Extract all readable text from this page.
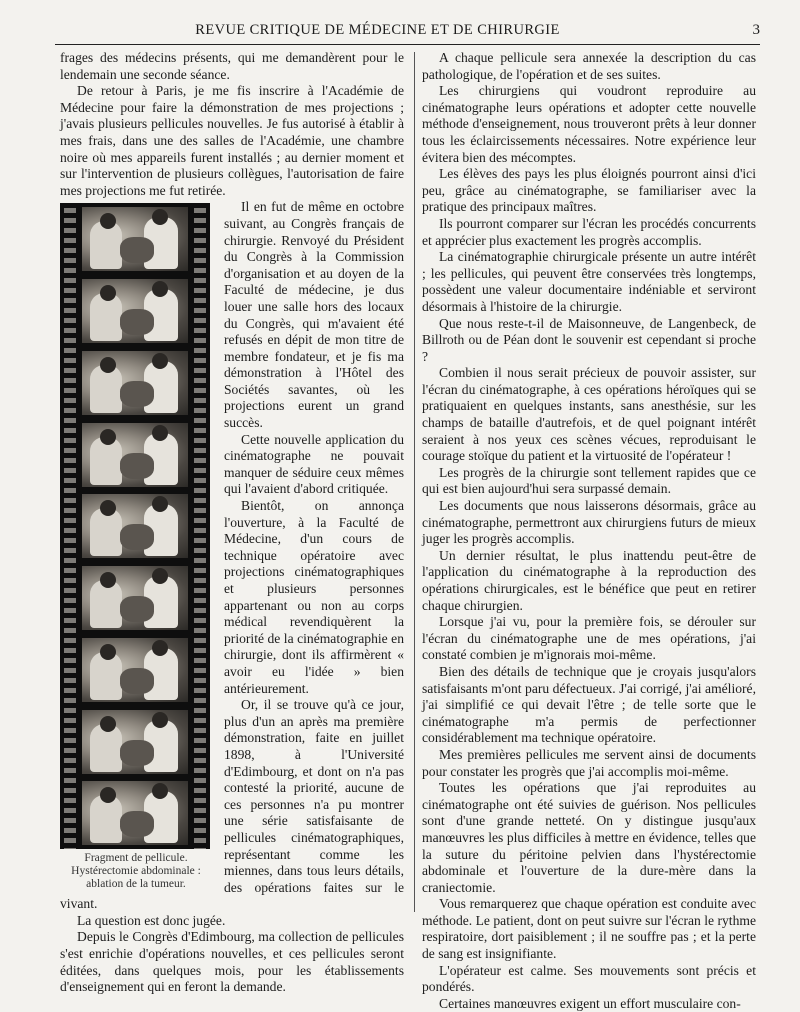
REVUE CRITIQUE DE MÉDECINE ET DE CHIRURGIE	3

frages des médecins présents, qui me demandèrent pour le lendemain une seconde séance.

De retour à Paris, je me fis inscrire à l'Académie de Médecine pour faire la démonstration de mes projections ; j'avais plusieurs pellicules nouvelles. Je fus autorisé à établir à mes frais, dans une des salles de l'Académie, une chambre noire où mes appareils furent installés ; au dernier moment et sur l'intervention de plusieurs collègues, l'autorisation de faire mes projections me fut retirée.

Fragment de pellicule.
Hystérectomie abdominale :
ablation de la tumeur.

Il en fut de même en octobre suivant, au Congrès français de chirurgie. Renvoyé du Président du Congrès à la Commission d'organisation et au doyen de la Faculté de médecine, je dus louer une salle hors des locaux du Congrès, qui m'avaient été refusés en dépit de mon titre de membre fondateur, et je fis ma démonstration à l'Hôtel des Sociétés savantes, où les projections eurent un grand succès.

Cette nouvelle application du cinématographe ne pouvait manquer de séduire ceux mêmes qui l'avaient d'abord critiquée.

Bientôt, on annonça l'ouverture, à la Faculté de Médecine, d'un cours de technique opératoire avec projections cinématographiques et plusieurs personnes appartenant ou non au corps médical revendiquèrent la priorité de la cinématographie en chirurgie, dont ils affirmèrent « avoir eu l'idée » bien antérieurement.

Or, il se trouve qu'à ce jour, plus d'un an après ma première démonstration, faite en juillet 1898, à l'Université d'Edimbourg, et dont on n'a pas contesté la priorité, aucune de ces personnes n'a pu montrer une série satisfaisante de pellicules cinématographiques, représentant comme les miennes, dans tous leurs détails, des opérations faites sur le vivant.

La question est donc jugée.

Depuis le Congrès d'Edimbourg, ma collection de pellicules s'est enrichie d'opérations nouvelles, et ces pellicules seront éditées, dans quelques mois, pour les établissements d'enseignement qui en feront la demande.

A chaque pellicule sera annexée la description du cas pathologique, de l'opération et de ses suites.

Les chirurgiens qui voudront reproduire au cinématographe leurs opérations et adopter cette nouvelle méthode d'enseignement, nous trouveront prêts à leur donner tous les éclaircissements nécessaires. Notre expérience leur évitera bien des mécomptes.

Les élèves des pays les plus éloignés pourront ainsi d'ici peu, grâce au cinématographe, se familiariser avec la pratique des principaux maîtres.

Ils pourront comparer sur l'écran les procédés concurrents et apprécier plus exactement les progrès accomplis.

La cinématographie chirurgicale présente un autre intérêt ; les pellicules, qui peuvent être conservées très longtemps, possèdent une valeur documentaire indéniable et serviront désormais à l'histoire de la chirurgie.

Que nous reste-t-il de Maisonneuve, de Langenbeck, de Billroth ou de Péan dont le souvenir est cependant si proche ?

Combien il nous serait précieux de pouvoir assister, sur l'écran du cinématographe, à ces opérations héroïques qui se pratiquaient en quelques instants, sans anesthésie, sur les champs de bataille d'autrefois, et de quel poignant intérêt seraient à nos yeux ces scènes vécues, reproduisant le courage stoïque du patient et la virtuosité de l'opérateur !

Les progrès de la chirurgie sont tellement rapides que ce qui est bien aujourd'hui sera surpassé demain.

Les documents que nous laisserons désormais, grâce au cinématographe, permettront aux chirurgiens futurs de mieux juger les progrès accomplis.

Un dernier résultat, le plus inattendu peut-être de l'application du cinématographe à la reproduction des opérations chirurgicales, est le bénéfice que peut en retirer chaque chirurgien.

Lorsque j'ai vu, pour la première fois, se dérouler sur l'écran du cinématographe une de mes opérations, j'ai constaté combien je m'ignorais moi-même.

Bien des détails de technique que je croyais jusqu'alors satisfaisants m'ont paru défectueux. J'ai corrigé, j'ai amélioré, j'ai simplifié ce qui devait l'être ; de telle sorte que le cinématographe m'a permis de perfectionner considérablement ma technique opératoire.

Mes premières pellicules me servent ainsi de documents pour constater les progrès que j'ai accomplis moi-même.

Toutes les opérations que j'ai reproduites au cinématographe ont été suivies de guérison. Nos pellicules sont d'une grande netteté. On y distingue jusqu'aux manœuvres les plus difficiles à mettre en évidence, telles que la suture du péritoine pelvien dans l'hystérectomie abdominale et l'ouverture de la dure-mère dans la craniectomie.

Vous remarquerez que chaque opération est conduite avec méthode. Le patient, dont on peut suivre sur l'écran le rythme respiratoire, dort paisiblement ; il ne souffre pas ; et la perte de sang est insignifiante.

L'opérateur est calme. Ses mouvements sont précis et pondérés.

Certaines manœuvres exigent un effort musculaire con-
